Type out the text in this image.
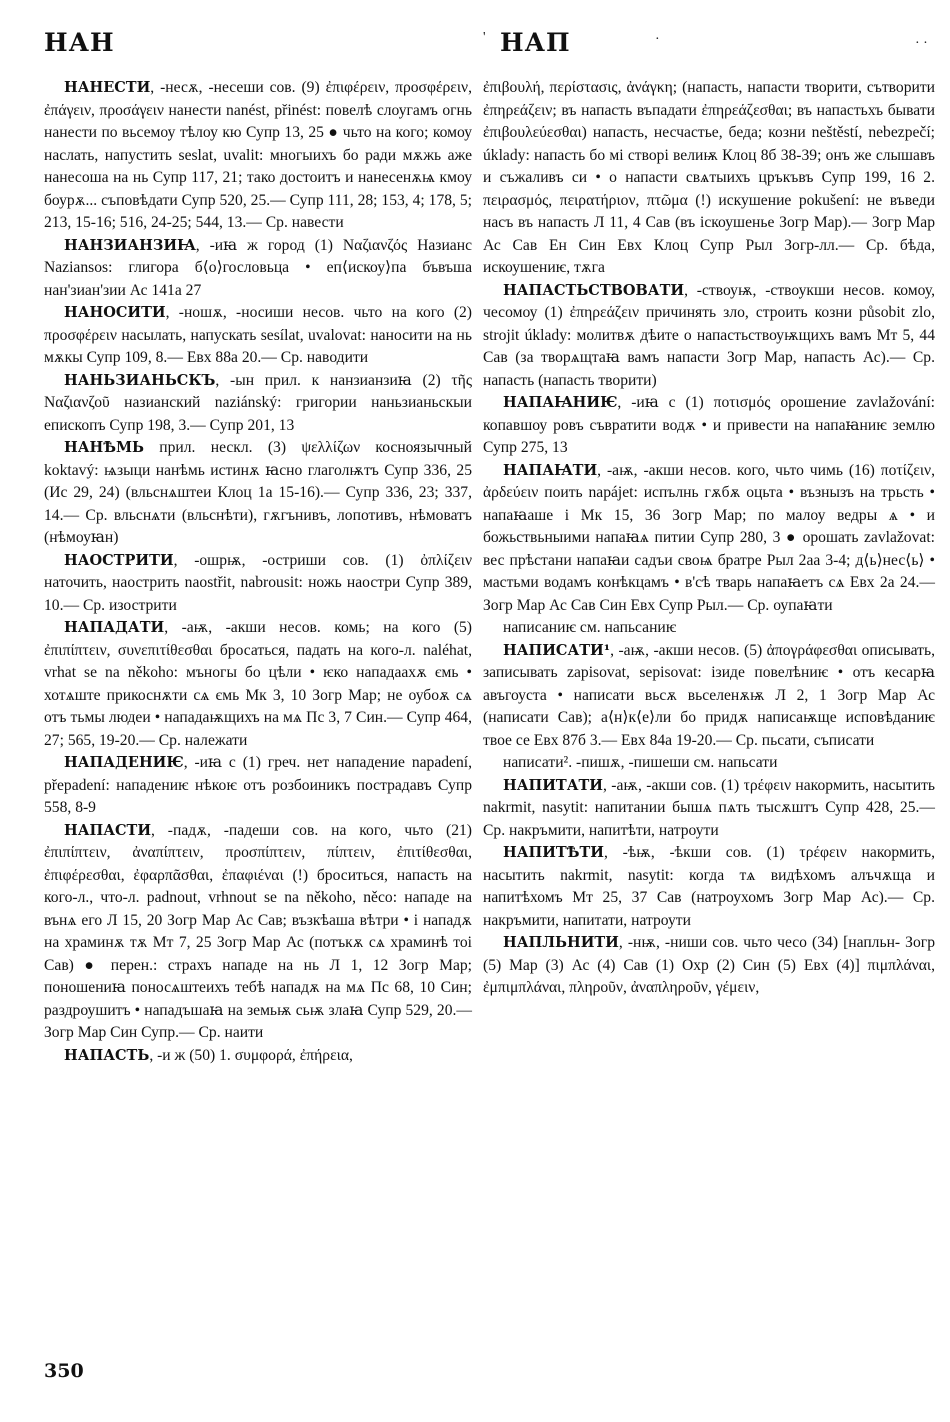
НАН	НАП
'	·	· ·

НАНЕСТИ, -несѫ, -несеши сов. (9) ἐπιφέρειν, προσφέρειν, ἐπάγειν, προσάγειν нанести nanést, přinést: повелѣ слоугамъ огнь нанести по вьсемоу тѣлоу кю Супр 13, 25 ● чьто на кого; комоу наслать, напустить seslat, uvalit: многыихъ бо ради мѫжь аже нанесоша на нь Супр 117, 21; тако достоитъ и нанесенѫѩ кмоу боурѫ... съповѣдати Супр 520, 25.— Супр 111, 28; 153, 4; 178, 5; 213, 15-16; 516, 24-25; 544, 13.— Ср. навести

НАНЗИАНЗИꙖ, -иꙗ ж город (1) Ναζιανζός Назианс Naziansos: глигора б⟨о⟩гословьца • еп⟨искоу⟩па бъвъша нан'зиан'зии Ас 141а 27

НАНОСИТИ, -ношѫ, -носиши несов. чьто на кого (2) προσφέρειν насылать, напускать sesílat, uvalovat: наносити на нь мѫкы Супр 109, 8.— Евх 88а 20.— Ср. наводити

НАНЬЗИАНЬСКЪ, -ын прил. к нанзианзиꙗ (2) τῆς Ναζιανζοῦ назианский naziánský: григории наньзианьскыи епископъ Супр 198, 3.— Супр 201, 13

НАНѢМЬ прил. нескл. (3) ψελλίζων косноязычный koktavý: ѩзыци нанѣмь истинѫ ꙗсно глаголѭтъ Супр 336, 25 (Ис 29, 24) (вльснѧштеи Клоц 1а 15-16).— Супр 336, 23; 337, 14.— Ср. вльснѧти (вльснѣти), гѫгънивъ, лопотивъ, нѣмоватъ (нѣмоуꙗн)

НАОСТРИТИ, -ошрѭ, -остриши сов. (1) ὀπλίζειν наточить, наострить naostřit, nabrousit: ножь наостри Супр 389, 10.— Ср. изострити

НАПАДАТИ, -аѭ, -акши несов. комь; на кого (5) ἐπιπίπτειν, συνεπιτίθεσθαι бросаться, падать на кого-л. naléhat, vrhat se na někoho: мъногы бо цѣли • ѥко нападаахѫ ємь • хотѧште прикоснѫти сѧ ємь Мк 3, 10 Зогр Мар; не оубоѫ сѧ отъ тьмы людеи • нападаѭщихъ на мѧ Пс 3, 7 Син.— Супр 464, 27; 565, 19-20.— Ср. належати

НАПАДЕНИѤ, -иꙗ с (1) греч. нет нападение napadení, přepadení: нападениѥ нѣкоѥ отъ розбоиникъ пострадавъ Супр 558, 8-9

НАПАСТИ, -падѫ, -падеши сов. на кого, чьто (21) ἐπιπίπτειν, ἀναπίπτειν, προσπίπτειν, πίπτειν, ἐπιτίθεσθαι, ἐπιφέρεσθαι, ἐφαρπᾶσθαι, ἐπαφιέναι (!) броситься, напасть на кого-л., что-л. padnout, vrhnout se na někoho, něco: нападе на вънѧ его Л 15, 20 Зогр Мар Ас Сав; възкѣаша вѣтри • і нападѫ на храминѫ тѫ Мт 7, 25 Зогр Мар Ас (потъкѫ сѧ храминѣ тоі Сав) ● перен.: страхъ нападе на нь Л 1, 12 Зогр Мар; поношениꙗ поносѧштеихъ тебѣ нападѫ на мѧ Пс 68, 10 Син; раздроушитъ • нападъшаꙗ на земьѭ сьѭ злаꙗ Супр 529, 20.— Зогр Мар Син Супр.— Ср. наити

НАПАСТЬ, -и ж (50) 1. συμφορά, ἐπήρεια,

ἐπιβουλή, περίστασις, ἀνάγκη; (напасть, напасти творити, сътворити ἐπηρεάζειν; въ напасть въпадати ἐπηρεάζεσθαι; въ напастьхъ бывати ἐπιβουλεύεσθαι) напасть, несчастье, беда; козни neštěstí, nebezpečí; úklady: напасть бо мі створі велиѭ Клоц 8б 38-39; онъ же слышавъ и съжаливъ си • о напасти свѧтыихъ цръкъвъ Супр 199, 16 2. πειρασμός, πειρατήριον, πτῶμα (!) искушение pokušení: не въведи насъ въ напасть Л 11, 4 Сав (въ іскоушенье Зогр Мар).— Зогр Мар Ас Сав Ен Син Евх Клоц Супр Рыл Зогр-лл.— Ср. бѣда, искоушениѥ, тѫга

НАПАСТЬСТВОВАТИ, -ствоуѭ, -ствоукши несов. комоу, чесомоу (1) ἐπηρεάζειν причинять зло, строить козни působit zlo, strojit úklady: молитвѫ дѣите о напастьствоуѭщихъ вамъ Мт 5, 44 Сав (за творѧщтаꙗ вамъ напасти Зогр Мар, напасть Ас).— Ср. напасть (напасть творити)

НАПАꙖНИѤ, -иꙗ с (1) ποτισμός орошение zavlažování: копавшоу ровъ съвратити водѫ • и привести на напаꙗниѥ землю Супр 275, 13

НАПАꙖТИ, -аѭ, -акши несов. кого, чьто чимь (16) ποτίζειν, ἀρδεύειν поить napájet: испълнь гѫбѫ оцьта • възнызъ на трьсть • напаꙗаше і Мк 15, 36 Зогр Мар; по малоу ведры ѧ • и божьствьныими напаꙗѧ питии Супр 280, 3 ● орошать zavlažovat: вес прѣстани напаꙗи садъи своѩ братре Рыл 2аа 3-4; д⟨ь⟩нес⟨ь⟩ • мастьми водамъ конѣкцамъ • в'сѣ тварь напаꙗетъ сѧ Евх 2а 24.— Зогр Мар Ас Сав Син Евх Супр Рыл.— Ср. оупаꙗти

написаниѥ см. напьсаниѥ

НАПИСАТИ¹, -аѭ, -акши несов. (5) ἀπογράφεσθαι описывать, записывать zapisovat, sepisovat: ізиде повелѣниѥ • отъ кесарꙗ авъгоуста • написати вьсѫ вьселенѫѭ Л 2, 1 Зогр Мар Ас (написати Сав); а⟨н⟩к⟨е⟩ли бо придѫ написаѭще исповѣданиѥ твое се Евх 87б 3.— Евх 84а 19-20.— Ср. пьсати, съписати

написати². -пишѫ, -пишеши см. напьсати

НАПИТАТИ, -аѭ, -акши сов. (1) τρέφειν накормить, насытить nakrmit, nasytit: напитании бышѧ пѧть тысѫштъ Супр 428, 25.— Ср. накръмити, напитѣти, натроути

НАПИТѢТИ, -ѣѭ, -ѣкши сов. (1) τρέφειν накормить, насытить nakrmit, nasytit: когда тѧ видѣхомъ алъчѫща и напитѣхомъ Мт 25, 37 Сав (натроухомъ Зогр Мар Ас).— Ср. накръмити, напитати, натроути

НАПЛЬНИТИ, -нѭ, -ниши сов. чьто чесо (34) [напльн- Зогр (5) Мар (3) Ас (4) Сав (1) Охр (2) Син (5) Евх (4)] πιμπλάναι, ἐμπιμπλάναι, πληροῦν, ἀναπληροῦν, γέμειν,

350
